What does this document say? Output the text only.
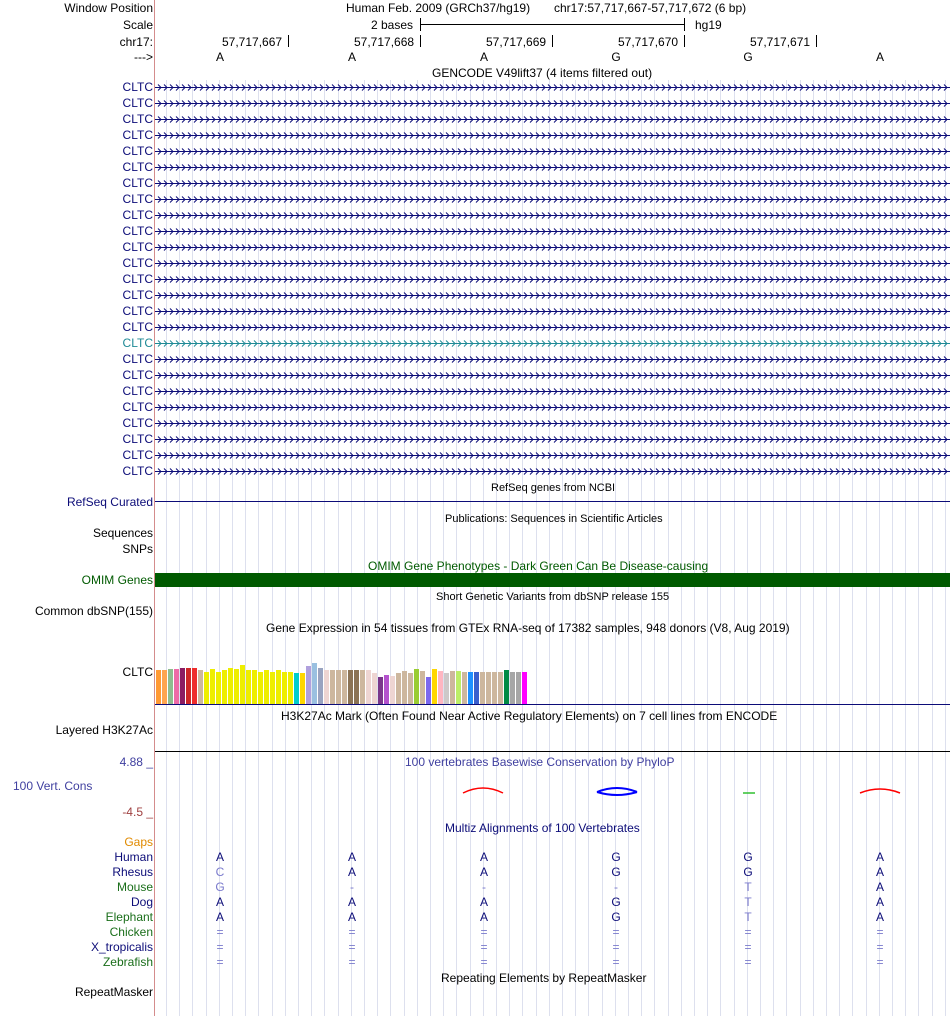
Window Position	Human Feb. 2009 (GRCh37/hg19) chr17:57,717,667-57,717,672 (6 bp)
Scale	2 bases	hg19
chr17:	57,717,667	57,717,668	57,717,669	57,717,670	57,717,671
--->	A	A	A	G	G	A
GENCODE V49lift37 (4 items filtered out)
CLTC
CLTC
CLTC
CLTC
CLTC
CLTC
CLTC
CLTC
CLTC
CLTC
CLTC
CLTC
CLTC
CLTC
CLTC
CLTC
CLTC
CLTC
CLTC
CLTC
CLTC
CLTC
CLTC
CLTC
CLTC
RefSeq genes from NCBI
RefSeq Curated
Publications: Sequences in Scientific Articles
Sequences
SNPs
OMIM Gene Phenotypes - Dark Green Can Be Disease-causing
OMIM Genes
Short Genetic Variants from dbSNP release 155
Common dbSNP(155)
Gene Expression in 54 tissues from GTEx RNA-seq of 17382 samples, 948 donors (V8, Aug 2019)
CLTC
H3K27Ac Mark (Often Found Near Active Regulatory Elements) on 7 cell lines from ENCODE
Layered H3K27Ac
100 vertebrates Basewise Conservation by PhyloP
4.88 _
100 Vert. Cons
-4.5 _
Multiz Alignments of 100 Vertebrates
Gaps
Human	A	A	A	G	G	A
Rhesus	C	A	A	G	G	A
Mouse	G	-	-	-	T	A
Dog	A	A	A	G	T	A
Elephant	A	A	A	G	T	A
Chicken	=	=	=	=	=	=
X_tropicalis	=	=	=	=	=	=
Zebrafish	=	=	=	=	=	=
Repeating Elements by RepeatMasker
RepeatMasker
